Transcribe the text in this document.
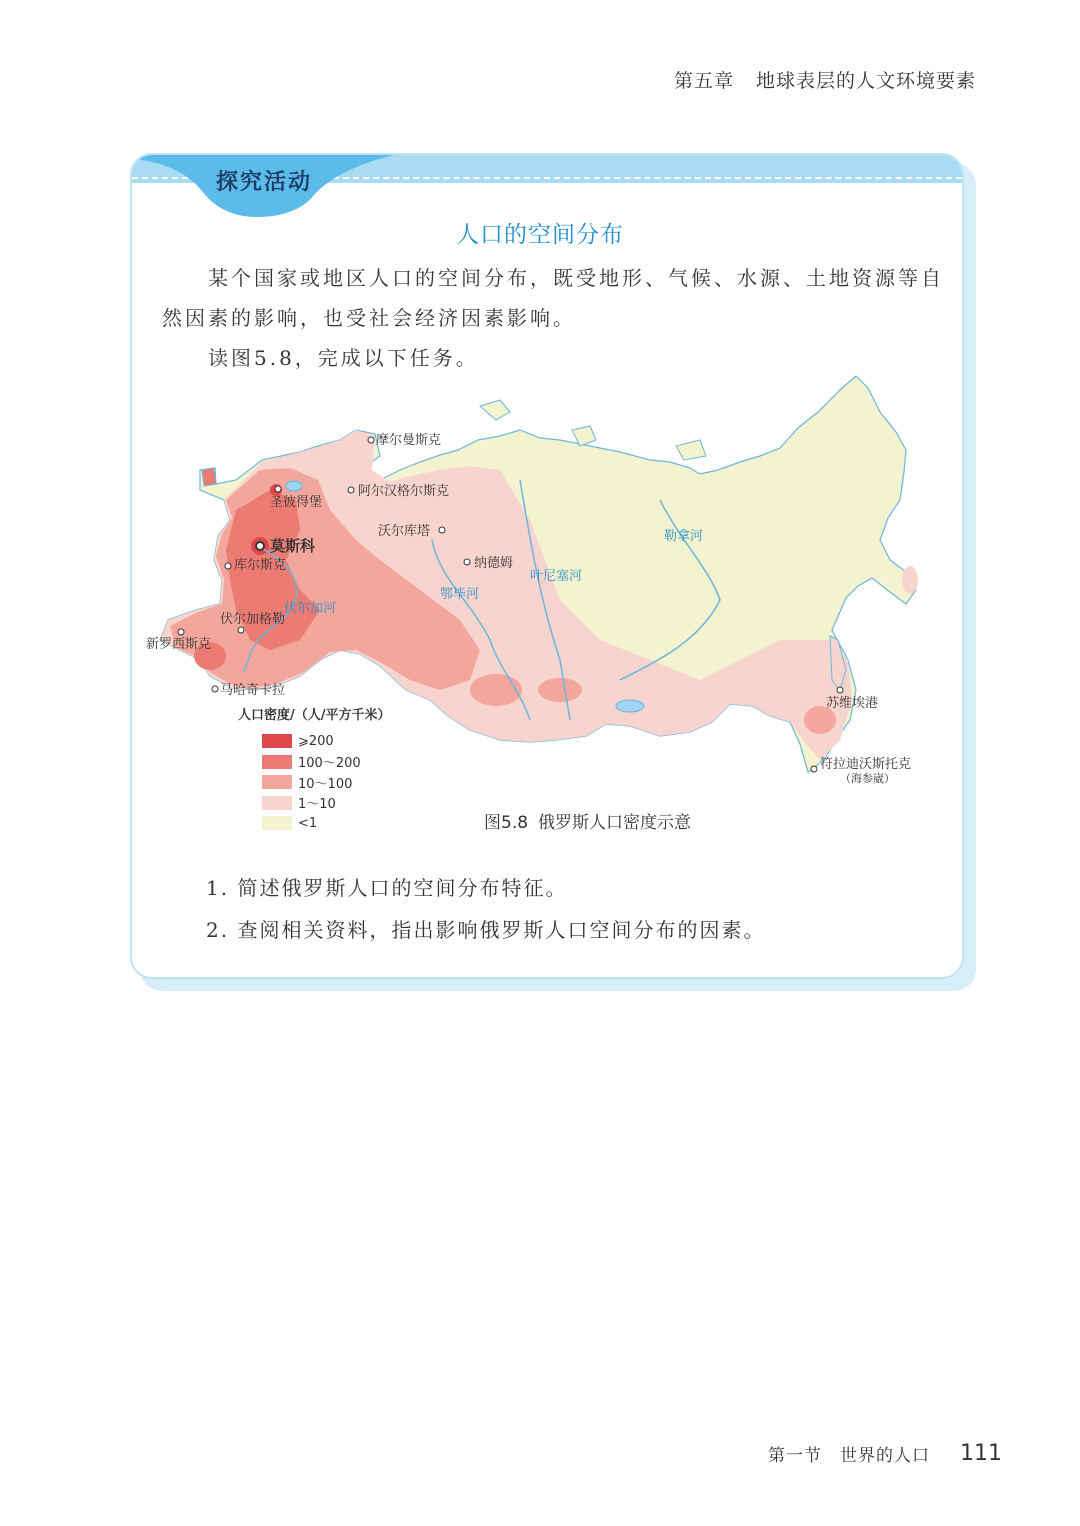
第五章 地球表层的人文环境要素
探究活动
人口的空间分布
某个国家或地区人口的空间分布，既受地形、气候、水源、土地资源等自
然因素的影响，也受社会经济因素影响。
读图5.8，完成以下任务。
摩尔曼斯克
圣彼得堡
阿尔汉格尔斯克
沃尔库塔
莫斯科
库尔斯克	纳德姆
伏尔加格勒
新罗西斯克
马哈奇卡拉
苏维埃港
符拉迪沃斯托克
（海参崴）
伏尔加河
鄂毕河
叶尼塞河
勒拿河
人口密度/（人/平方千米）
⩾200
100～200
10～100
1～10
<1	图5.8 俄罗斯人口密度示意
1. 简述俄罗斯人口的空间分布特征。
2. 查阅相关资料，指出影响俄罗斯人口空间分布的因素。
第一节　世界的人口 111
